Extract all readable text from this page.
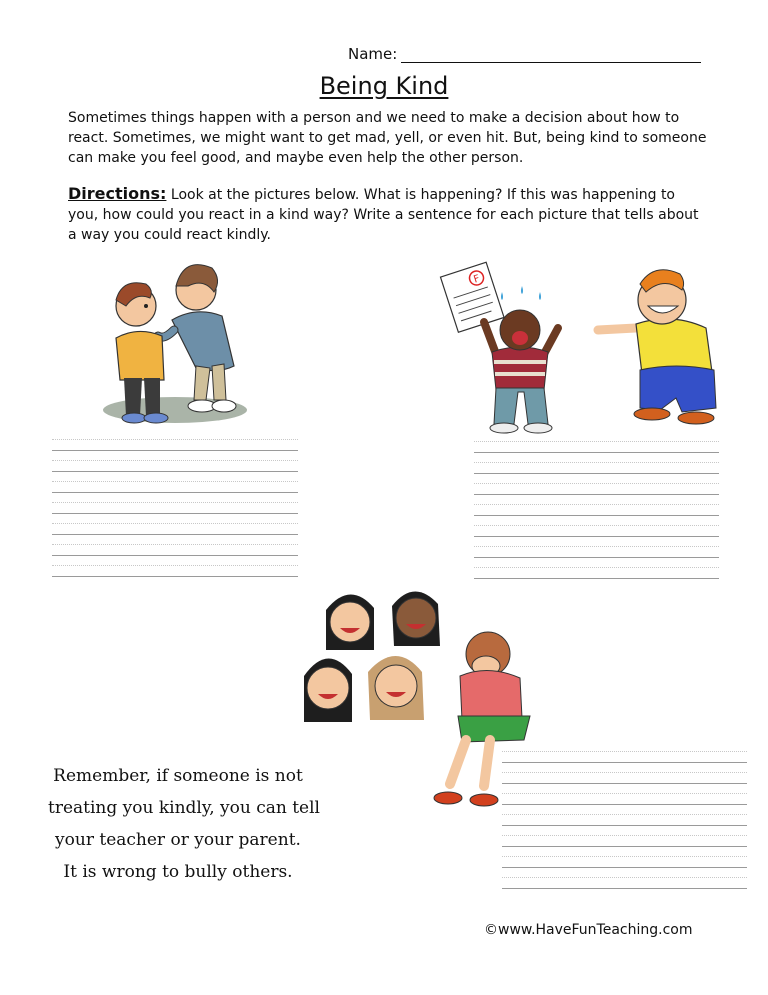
Name:
Being Kind

Sometimes things happen with a person and we need to make a decision about how to react. Sometimes, we might want to get mad, yell, or even hit. But, being kind to someone can make you feel good, and maybe even help the other person.

Directions: Look at the pictures below. What is happening? If this was happening to you, how could you react in a kind way? Write a sentence for each picture that tells about a way you could react kindly.

F
Remember, if someone is not
treating you kindly, you can tell
your teacher or your parent.
It is wrong to bully others.
©www.HaveFunTeaching.com
